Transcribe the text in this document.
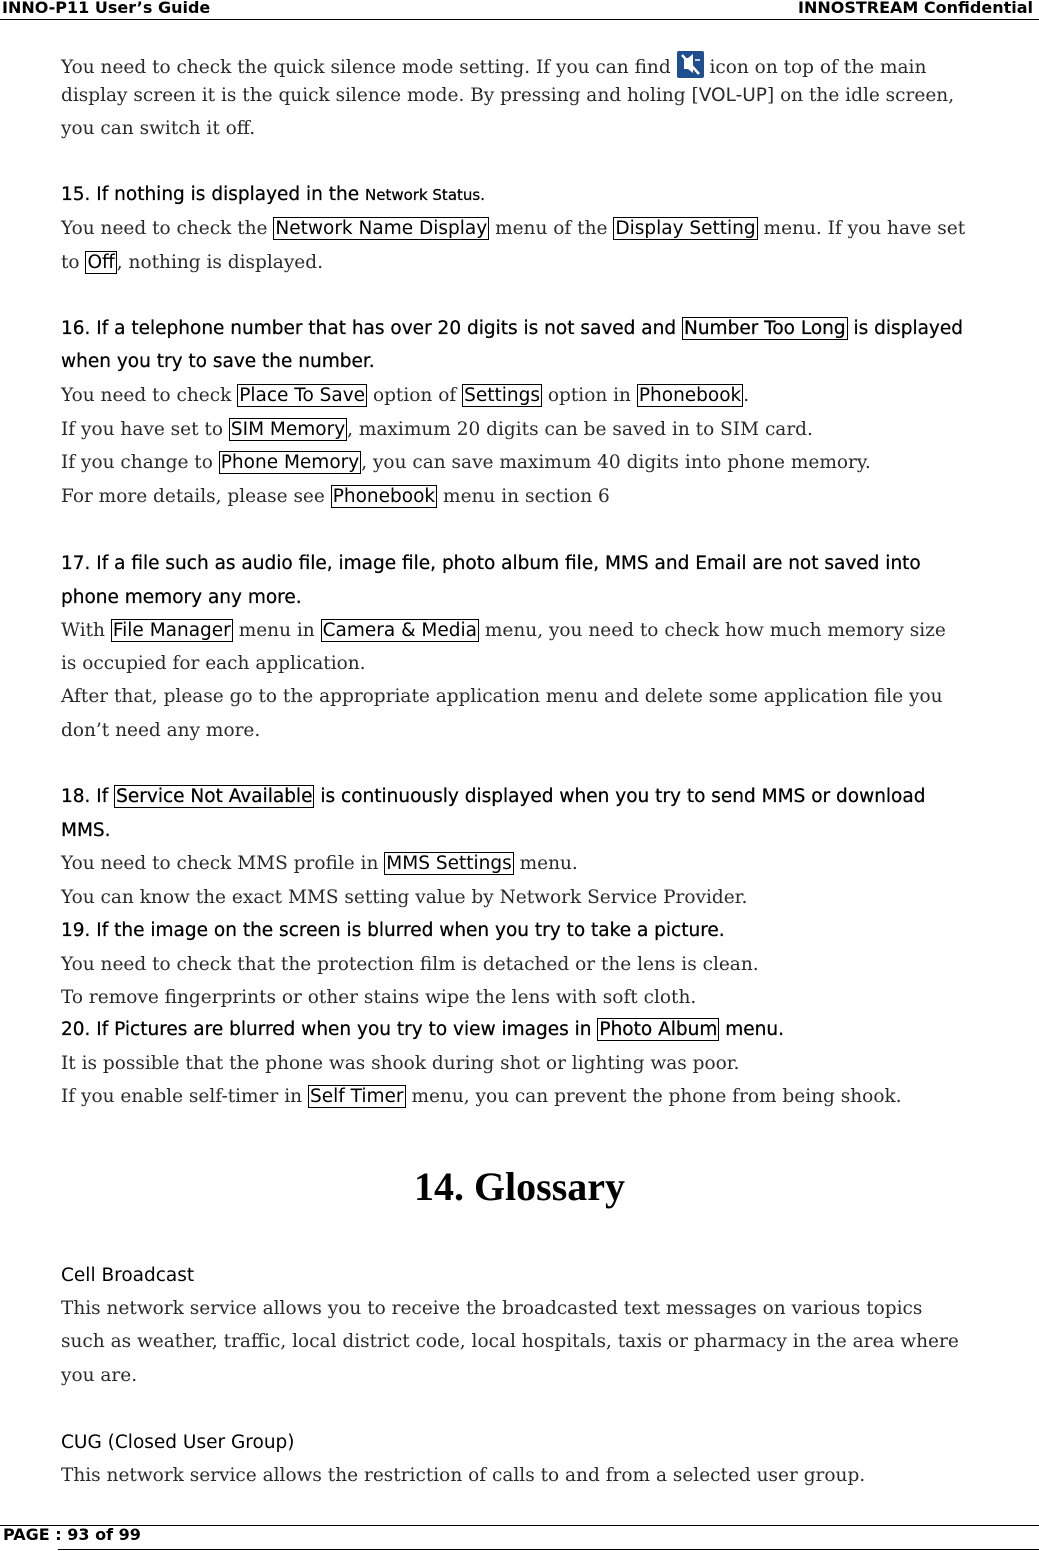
INNO-P11 User’s Guide	INNOSTREAM Confidential
You need to check the quick silence mode setting. If you can find icon on top of the main
display screen it is the quick silence mode. By pressing and holing [VOL-UP] on the idle screen,
you can switch it off.
15. If nothing is displayed in the Network Status.
You need to check the Network Name Display menu of the Display Setting menu. If you have set
to Off , nothing is displayed.
16. If a telephone number that has over 20 digits is not saved and Number Too Long is displayed
when you try to save the number.
You need to check Place To Save option of Settings option in Phonebook .
If you have set to SIM Memory , maximum 20 digits can be saved in to SIM card.
If you change to Phone Memory , you can save maximum 40 digits into phone memory.
For more details, please see Phonebook menu in section 6
17. If a file such as audio file, image file, photo album file, MMS and Email are not saved into
phone memory any more.
With File Manager menu in Camera & Media menu, you need to check how much memory size
is occupied for each application.
After that, please go to the appropriate application menu and delete some application file you
don’t need any more.
18. If Service Not Available is continuously displayed when you try to send MMS or download
MMS.
You need to check MMS profile in MMS Settings menu.
You can know the exact MMS setting value by Network Service Provider.
19. If the image on the screen is blurred when you try to take a picture.
You need to check that the protection film is detached or the lens is clean.
To remove fingerprints or other stains wipe the lens with soft cloth.
20. If Pictures are blurred when you try to view images in Photo Album menu.
It is possible that the phone was shook during shot or lighting was poor.
If you enable self-timer in Self Timer menu, you can prevent the phone from being shook.
14. Glossary
Cell Broadcast
This network service allows you to receive the broadcasted text messages on various topics
such as weather, traffic, local district code, local hospitals, taxis or pharmacy in the area where
you are.
CUG (Closed User Group)
This network service allows the restriction of calls to and from a selected user group.
PAGE : 93 of 99
